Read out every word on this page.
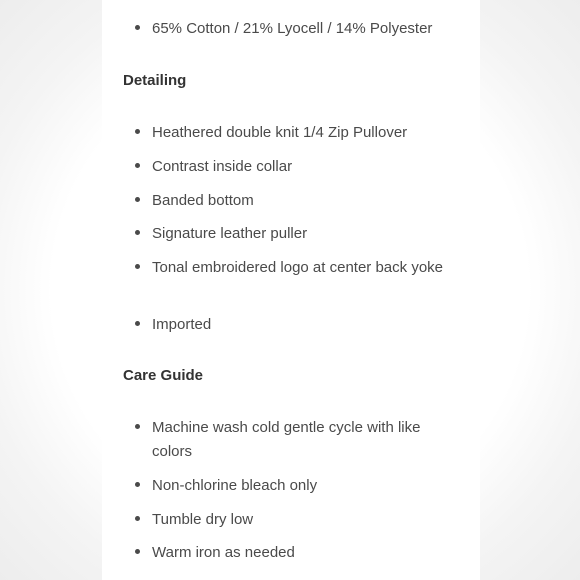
65% Cotton / 21% Lyocell / 14% Polyester
Detailing
Heathered double knit 1/4 Zip Pullover
Contrast inside collar
Banded bottom
Signature leather puller
Tonal embroidered logo at center back yoke
Imported
Care Guide
Machine wash cold gentle cycle with like colors
Non-chlorine bleach only
Tumble dry low
Warm iron as needed
